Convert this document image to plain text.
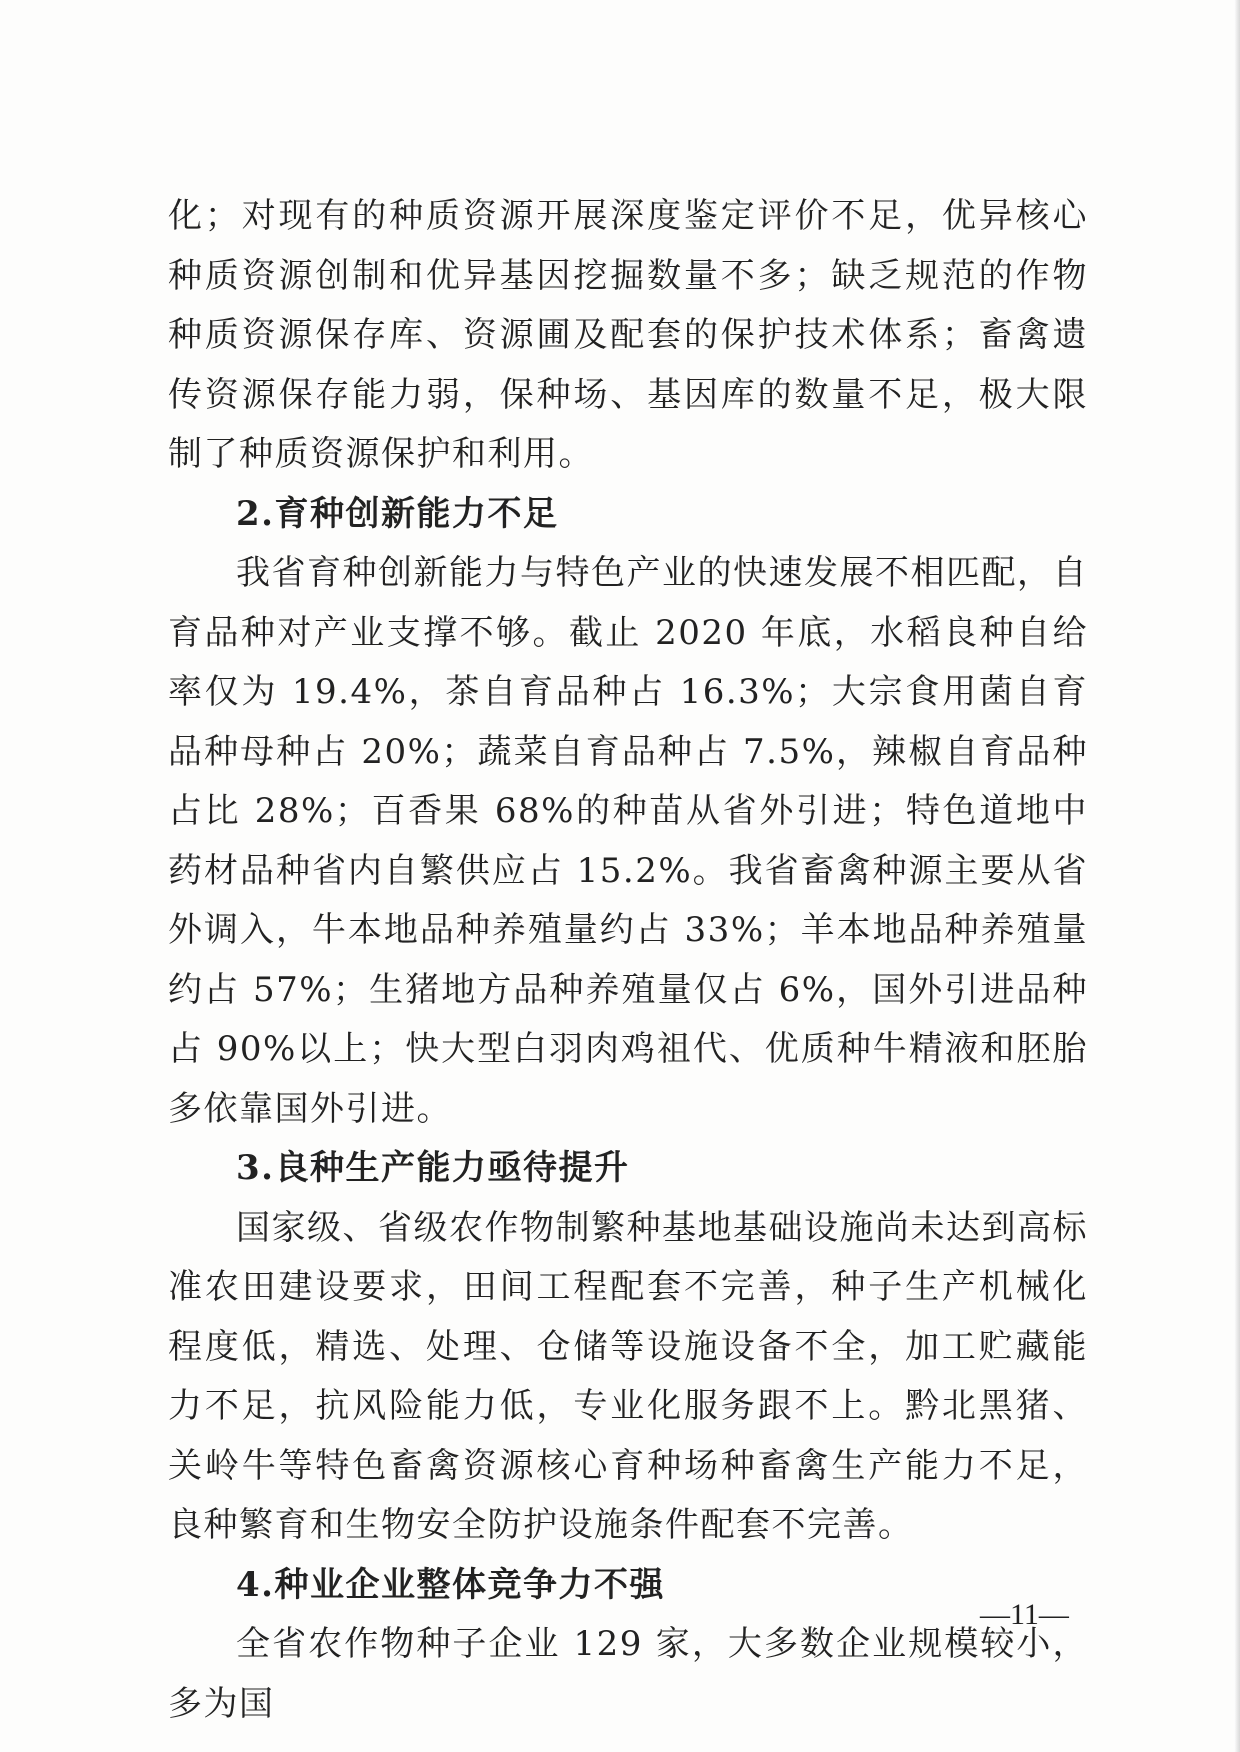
化；对现有的种质资源开展深度鉴定评价不足，优异核心种质资源创制和优异基因挖掘数量不多；缺乏规范的作物种质资源保存库、资源圃及配套的保护技术体系；畜禽遗传资源保存能力弱，保种场、基因库的数量不足，极大限制了种质资源保护和利用。

2.育种创新能力不足

我省育种创新能力与特色产业的快速发展不相匹配，自育品种对产业支撑不够。截止 2020 年底，水稻良种自给率仅为 19.4%，茶自育品种占 16.3%；大宗食用菌自育品种母种占 20%；蔬菜自育品种占 7.5%，辣椒自育品种占比 28%；百香果 68%的种苗从省外引进；特色道地中药材品种省内自繁供应占 15.2%。我省畜禽种源主要从省外调入，牛本地品种养殖量约占 33%；羊本地品种养殖量约占 57%；生猪地方品种养殖量仅占 6%，国外引进品种占 90%以上；快大型白羽肉鸡祖代、优质种牛精液和胚胎多依靠国外引进。

3.良种生产能力亟待提升

国家级、省级农作物制繁种基地基础设施尚未达到高标准农田建设要求，田间工程配套不完善，种子生产机械化程度低，精选、处理、仓储等设施设备不全，加工贮藏能力不足，抗风险能力低，专业化服务跟不上。黔北黑猪、关岭牛等特色畜禽资源核心育种场种畜禽生产能力不足，良种繁育和生物安全防护设施条件配套不完善。

4.种业企业整体竞争力不强

全省农作物种子企业 129 家，大多数企业规模较小，多为国

—11—
